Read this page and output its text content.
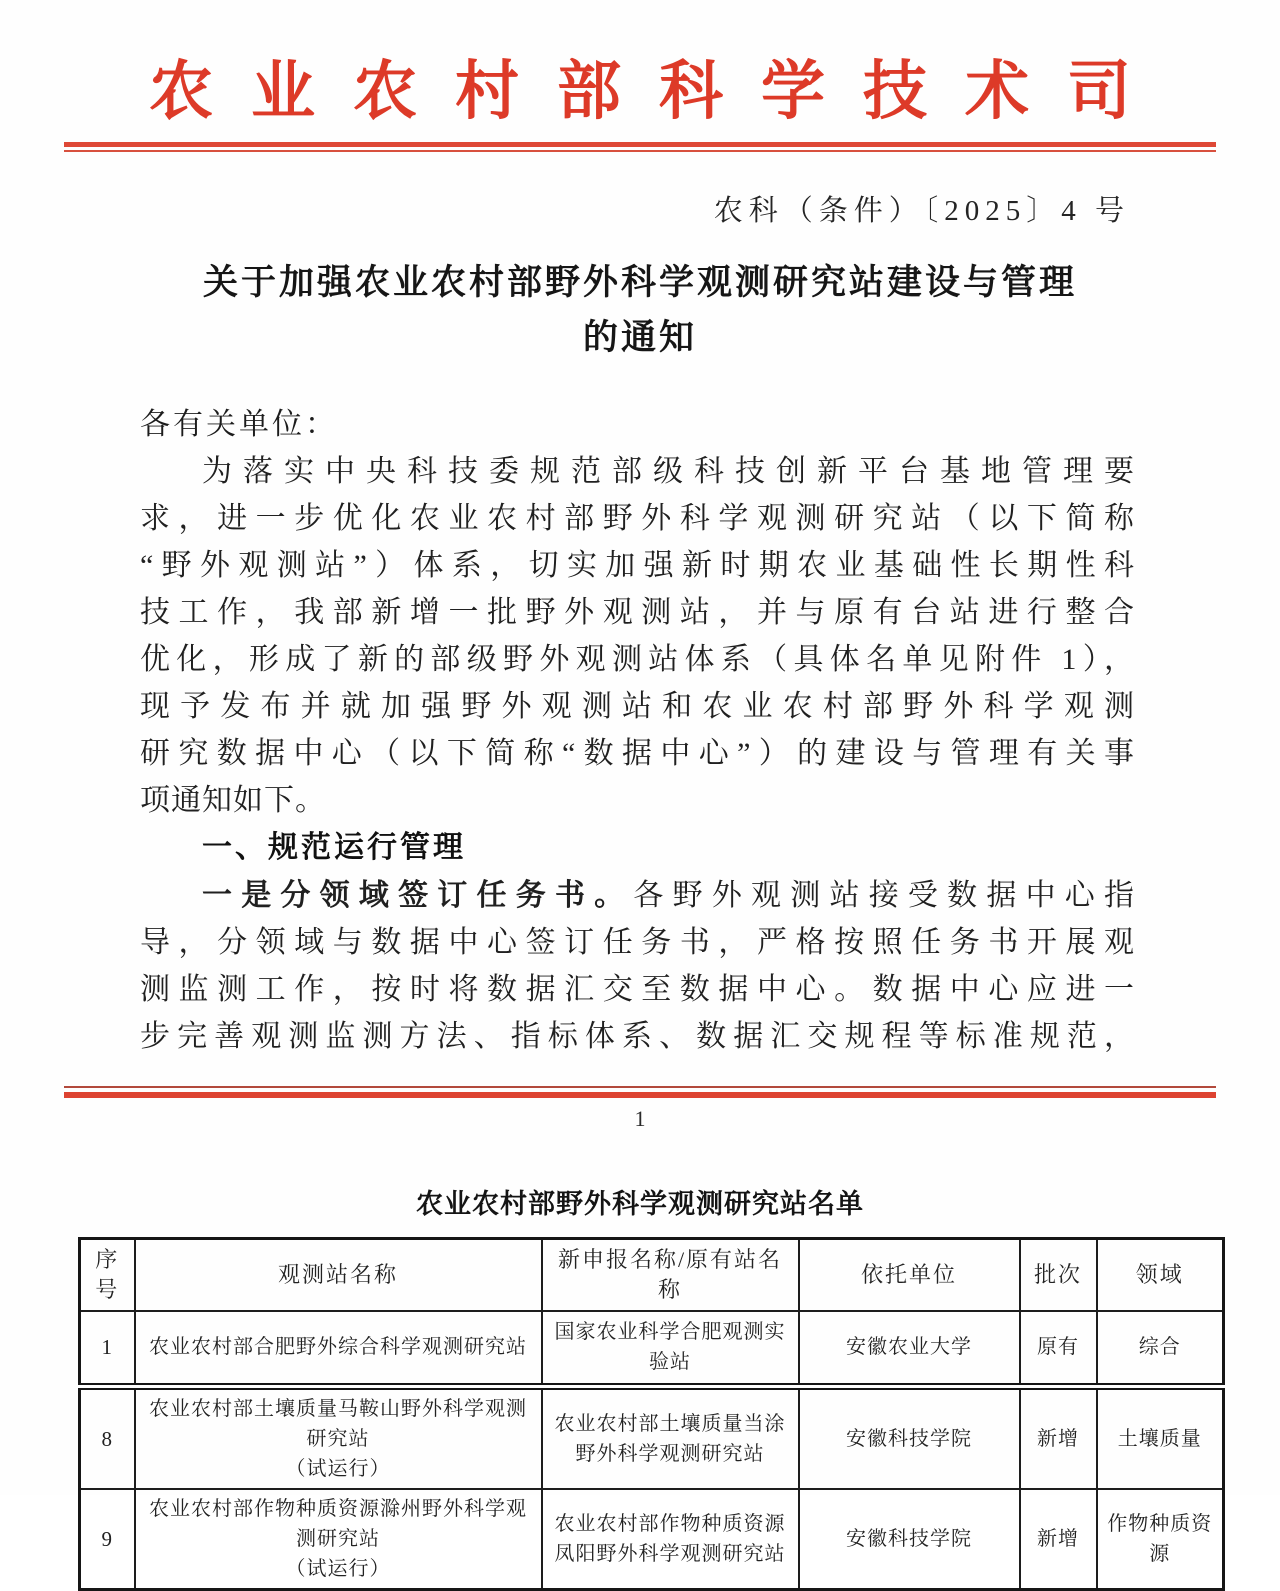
农业农村部科学技术司
农科（条件）〔2025〕4 号
关于加强农业农村部野外科学观测研究站建设与管理
的通知
各有关单位：
为落实中央科技委规范部级科技创新平台基地管理要
求，进一步优化农业农村部野外科学观测研究站（以下简称
“野外观测站”）体系，切实加强新时期农业基础性长期性科
技工作，我部新增一批野外观测站，并与原有台站进行整合
优化，形成了新的部级野外观测站体系（具体名单见附件 1），
现予发布并就加强野外观测站和农业农村部野外科学观测
研究数据中心（以下简称“数据中心”）的建设与管理有关事
项通知如下。
一、规范运行管理
一是分领域签订任务书。各野外观测站接受数据中心指
导，分领域与数据中心签订任务书，严格按照任务书开展观
测监测工作，按时将数据汇交至数据中心。数据中心应进一
步完善观测监测方法、指标体系、数据汇交规程等标准规范，
1
农业农村部野外科学观测研究站名单
序号	观测站名称	新申报名称/原有站名称	依托单位	批次	领域
1	农业农村部合肥野外综合科学观测研究站	国家农业科学合肥观测实验站	安徽农业大学	原有	综合
8	农业农村部土壤质量马鞍山野外科学观测研究站
（试运行）	农业农村部土壤质量当涂野外科学观测研究站	安徽科技学院	新增	土壤质量
9	农业农村部作物种质资源滁州野外科学观测研究站
（试运行）	农业农村部作物种质资源凤阳野外科学观测研究站	安徽科技学院	新增	作物种质资源
